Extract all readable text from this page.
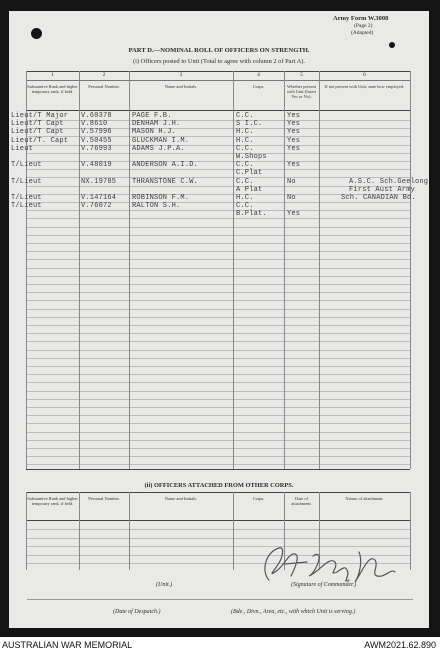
Army Form W.3008
(Page 2)
(Adapted)
PART D.—NOMINAL ROLL OF OFFICERS ON STRENGTH.
(i) Officers posted to Unit (Total to agree with column 2 of Part A).
1	2	3	4	5	6
Substantive Rank and higher temporary rank, if held.
Personal Number.	Name and Initials.	Corps.	Whether present with Unit (Insert Yes or No).
If not present with Unit, state how employed.
Lieut/T Major V.60378	PAGE F.B.	C.C.	Yes
Lieut/T Capt V.8610	DENHAM J.H.	S I.C.	Yes
Lieut/T Capt V.57996	MASON H.J.	H.C.	Yes
Lieut/T. Capt V.50455	GLUCKMAN I.M.	H.C.	Yes
Lieut	V.76993	ADAMS J.P.A.	C.C.	Yes
W.Shops
T/Lieut	V.48019	ANDERSON A.I.D.	C.C.	Yes
C.Plat
T/Lieut	NX.19785 THRANSTONE C.W.	C.C.	No	A.S.C. Sch.Geelong
A Plat	First Aust Army
T/Lieut	V.147164 ROBINSON F.M.	H.C.	No	Sch. CANADIAN Bd.
T/Lieut	V.76072	RALTON S.H.	C.C.
B.Plat.	Yes
(ii) OFFICERS ATTACHED FROM OTHER CORPS.
Substantive Rank and higher temporary rank, if held.
Personal Number.	Name and Initials.	Corps.	Date of attachment.
Nature of attachment.
(Unit.)	(Signature of Commander.)
(Date of Despatch.)	(Bde., Divn., Area, etc., with which Unit is serving.)
AUSTRALIAN WAR MEMORIAL	AWM2021.62.890
